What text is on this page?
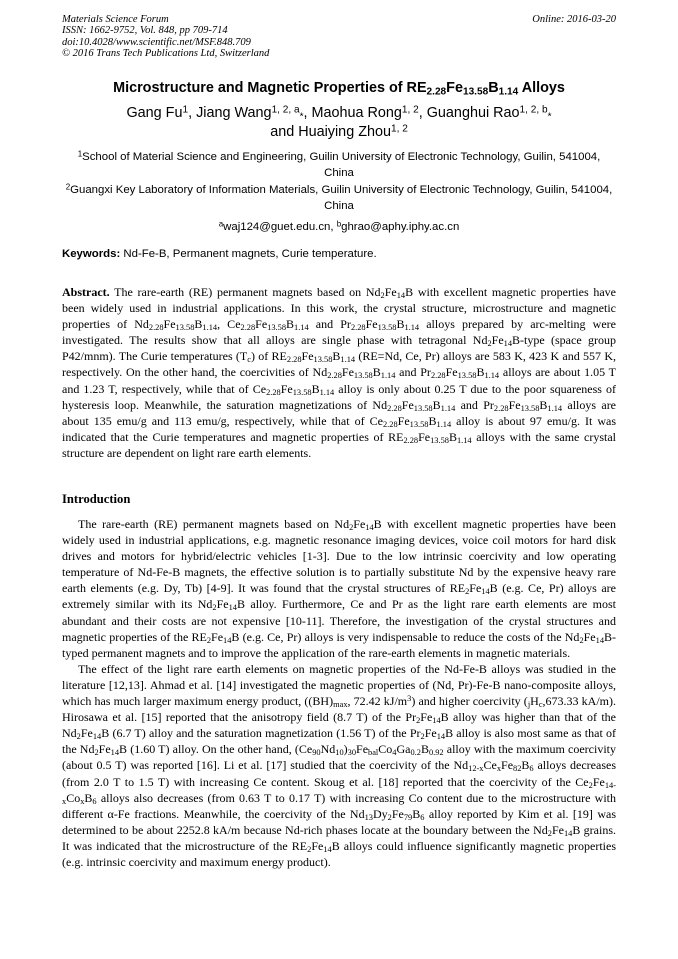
Materials Science Forum
ISSN: 1662-9752, Vol. 848, pp 709-714
doi:10.4028/www.scientific.net/MSF.848.709
© 2016 Trans Tech Publications Ltd, Switzerland
Online: 2016-03-20
Microstructure and Magnetic Properties of $RE_{2.28}Fe_{13.58}B_{1.14}$ Alloys
Gang Fu$^1$, Jiang Wang$^{1, 2, a}_*$, Maohua Rong$^{1, 2}$, Guanghui Rao$^{1, 2, b}_*$
and Huaiying Zhou$^{1, 2}$
$^1$School of Material Science and Engineering, Guilin University of Electronic Technology, Guilin, 541004, China
$^2$Guangxi Key Laboratory of Information Materials, Guilin University of Electronic Technology, Guilin, 541004, China
$^a$waj124@guet.edu.cn, $^b$ghrao@aphy.iphy.ac.cn
Keywords: Nd-Fe-B, Permanent magnets, Curie temperature.

Abstract. The rare-earth (RE) permanent magnets based on $Nd_2Fe_{14}B$ with excellent magnetic properties have been widely used in industrial applications. In this work, the crystal structure, microstructure and magnetic properties of $Nd_{2.28}Fe_{13.58}B_{1.14}$, $Ce_{2.28}Fe_{13.58}B_{1.14}$ and $Pr_{2.28}Fe_{13.58}B_{1.14}$ alloys prepared by arc-melting were investigated. The results show that all alloys are single phase with tetragonal $Nd_2Fe_{14}B$-type (space group P42/mnm). The Curie temperatures $(T_c)$ of $RE_{2.28}Fe_{13.58}B_{1.14}$ (RE=Nd, Ce, Pr) alloys are 583 K, 423 K and 557 K, respectively. On the other hand, the coercivities of $Nd_{2.28}Fe_{13.58}B_{1.14}$ and $Pr_{2.28}Fe_{13.58}B_{1.14}$ alloys are about 1.05 T and 1.23 T, respectively, while that of $Ce_{2.28}Fe_{13.58}B_{1.14}$ alloy is only about 0.25 T due to the poor squareness of hysteresis loop. Meanwhile, the saturation magnetizations of $Nd_{2.28}Fe_{13.58}B_{1.14}$ and $Pr_{2.28}Fe_{13.58}B_{1.14}$ alloys are about 135 emu/g and 113 emu/g, respectively, while that of $Ce_{2.28}Fe_{13.58}B_{1.14}$ alloy is about 97 emu/g. It was indicated that the Curie temperatures and magnetic properties of $RE_{2.28}Fe_{13.58}B_{1.14}$ alloys with the same crystal structure are dependent on light rare earth elements.

Introduction

The rare-earth (RE) permanent magnets based on $Nd_2Fe_{14}B$ with excellent magnetic properties have been widely used in industrial applications, e.g. magnetic resonance imaging devices, voice coil motors for hard disk drives and motors for hybrid/electric vehicles [1-3]. Due to the low intrinsic coercivity and low operating temperature of Nd-Fe-B magnets, the effective solution is to partially substitute Nd by the expensive heavy rare earth elements (e.g. Dy, Tb) [4-9]. It was found that the crystal structures of $RE_2Fe_{14}B$ (e.g. Ce, Pr) alloys are extremely similar with its $Nd_2Fe_{14}B$ alloy. Furthermore, Ce and Pr as the light rare earth elements are most abundant and their costs are not expensive [10-11]. Therefore, the investigation of the crystal structures and magnetic properties of the $RE_2Fe_{14}B$ (e.g. Ce, Pr) alloys is very indispensable to reduce the costs of the $Nd_2Fe_{14}B$-typed permanent magnets and to improve the application of the rare-earth elements in magnetic materials.

The effect of the light rare earth elements on magnetic properties of the Nd-Fe-B alloys was studied in the literature [12,13]. Ahmad et al. [14] investigated the magnetic properties of (Nd, Pr)-Fe-B nano-composite alloys, which has much larger maximum energy product, ($(BH)_{max}$, 72.42 $kJ/m^3$) and higher coercivity ($_jH_c,673.33$ kA/m). Hirosawa et al. [15] reported that the anisotropy field (8.7 T) of the $Pr_2Fe_{14}B$ alloy was higher than that of the $Nd_2Fe_{14}B$ (6.7 T) alloy and the saturation magnetization (1.56 T) of the $Pr_2Fe_{14}B$ alloy is also most same as that of the $Nd_2Fe_{14}B$ (1.60 T) alloy. On the other hand, $(Ce_{90}Nd_{10})_{30}Fe_{bal}Co_4Ga_{0.2}B_{0.92}$ alloy with the maximum coercivity (about 0.5 T) was reported [16]. Li et al. [17] studied that the coercivity of the $Nd_{12-x}Ce_xFe_{82}B_6$ alloys decreases (from 2.0 T to 1.5 T) with increasing Ce content. Skoug et al. [18] reported that the coercivity of the $Ce_2Fe_{14-x}Co_xB_6$ alloys also decreases (from 0.63 T to 0.17 T) with increasing Co content due to the microstructure with different α-Fe fractions. Meanwhile, the coercivity of the $Nd_{13}Dy_2Fe_{79}B_6$ alloy reported by Kim et al. [19] was determined to be about 2252.8 kA/m because Nd-rich phases locate at the boundary between the $Nd_2Fe_{14}B$ grains. It was indicated that the microstructure of the $RE_2Fe_{14}B$ alloys could influence significantly magnetic properties (e.g. intrinsic coercivity and maximum energy product).
